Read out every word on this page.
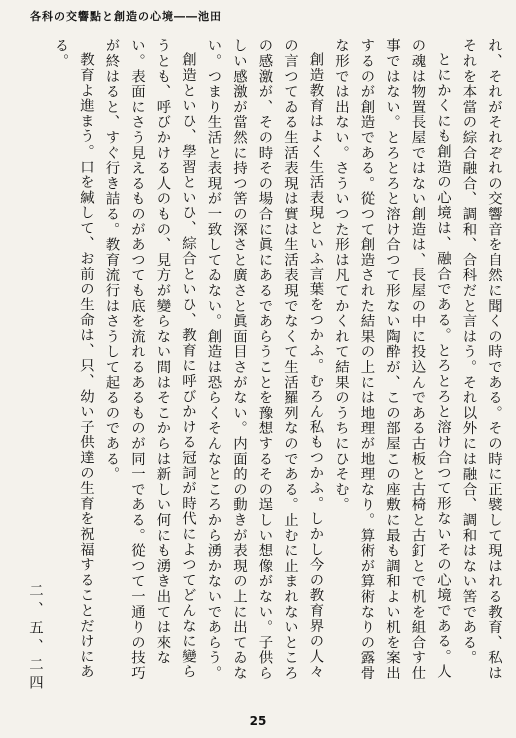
各科の交響點と創造の心境――池田

れ、それがそれぞれの交響音を自然に聞くの時である。その時に正襞して現はれる教育、私はそれを本當の綜合融合、調和、合科だと言はう。それ以外には融合、調和はない筈である。

とにかくにも創造の心境は、融合である。とろとろと溶け合つて形ないその心境である。人の魂は物置長屋ではない創造は、長屋の中に投込んである古板と古椅と古釘とで机を組合す仕事ではない。とろとろと溶け合つて形ない陶酔が、この部屋この座敷に最も調和よい机を案出するのが創造である。從つて創造された結果の上には地理が地理なり。算術が算術なりの露骨な形では出ない。さういつた形は凡てかくれて結果のうちにひそむ。

創造教育はよく生活表現といふ言葉をつかふ。むろん私もつかふ。しかし今の教育界の人々の言つてゐる生活表現は實は生活表現でなくて生活羅列なのである。止むに止まれないところの感激が、その時その場合に眞にあるであらうことを豫想するその逞しい想像がない。子供らしい感激が當然に持つ筈の深さと廣さと眞面目さがない。内面的の動きが表現の上に出てゐない。つまり生活と表現が一致してゐない。創造は恐らくそんなところから湧かないであらう。

創造といひ、學習といひ、綜合といひ、教育に呼びかける冠詞が時代によつてどんなに變らうとも、呼びかける人のもの、見方が變らない間はそこからは新しい何にも湧き出ては來ない。表面にさう見えるものがあつても底を流れるあるものが同一である。從つて一通りの技巧が終はると、すぐ行き詰る。教育流行はさうして起るのである。

教育よ進まう。口を緘して、お前の生命は、只、幼い子供達の生育を祝福することだけにある。

二、五、二四

25
